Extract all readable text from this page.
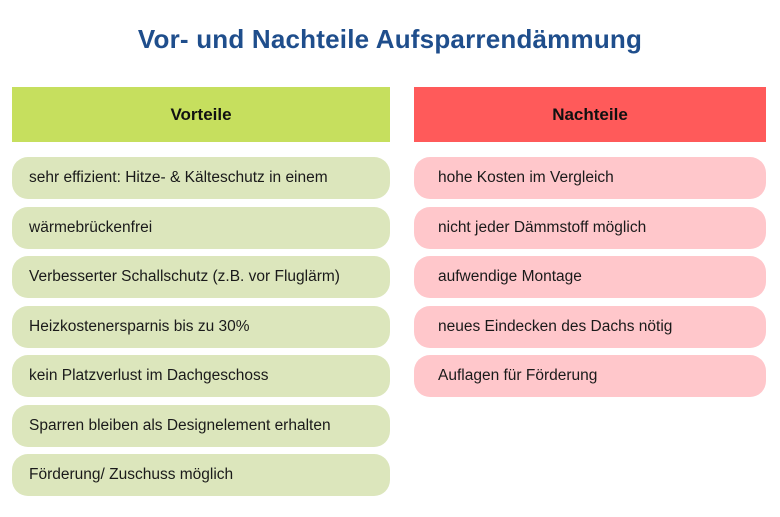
Vor- und Nachteile Aufsparrendämmung
Vorteile
sehr effizient: Hitze- & Kälteschutz in einem
wärmebrückenfrei
Verbesserter Schallschutz (z.B. vor Fluglärm)
Heizkostenersparnis bis zu 30%
kein Platzverlust im Dachgeschoss
Sparren bleiben als Designelement erhalten
Förderung/ Zuschuss möglich
Nachteile
hohe Kosten im Vergleich
nicht jeder Dämmstoff möglich
aufwendige Montage
neues Eindecken des Dachs nötig
Auflagen für Förderung
